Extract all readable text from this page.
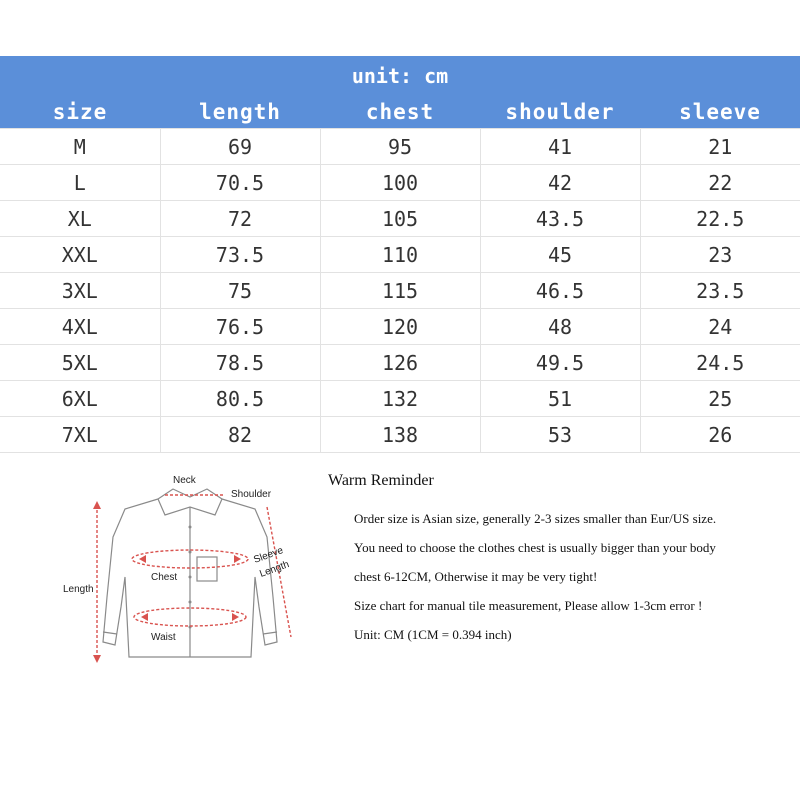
unit: cm				
size	length	chest	shoulder	sleeve
M	69	95	41	21
L	70.5	100	42	22
XL	72	105	43.5	22.5
XXL	73.5	110	45	23
3XL	75	115	46.5	23.5
4XL	76.5	120	48	24
5XL	78.5	126	49.5	24.5
6XL	80.5	132	51	25
7XL	82	138	53	26
Neck
Shoulder
Sleeve
Length
Chest
Length
Waist
Warm Reminder
Order size is Asian size, generally 2-3 sizes smaller than Eur/US size.
You need to choose the clothes chest is usually bigger than your body
chest 6-12CM, Otherwise it may be very tight!
Size chart for manual tile measurement, Please allow 1-3cm error !
Unit: CM (1CM = 0.394 inch)
